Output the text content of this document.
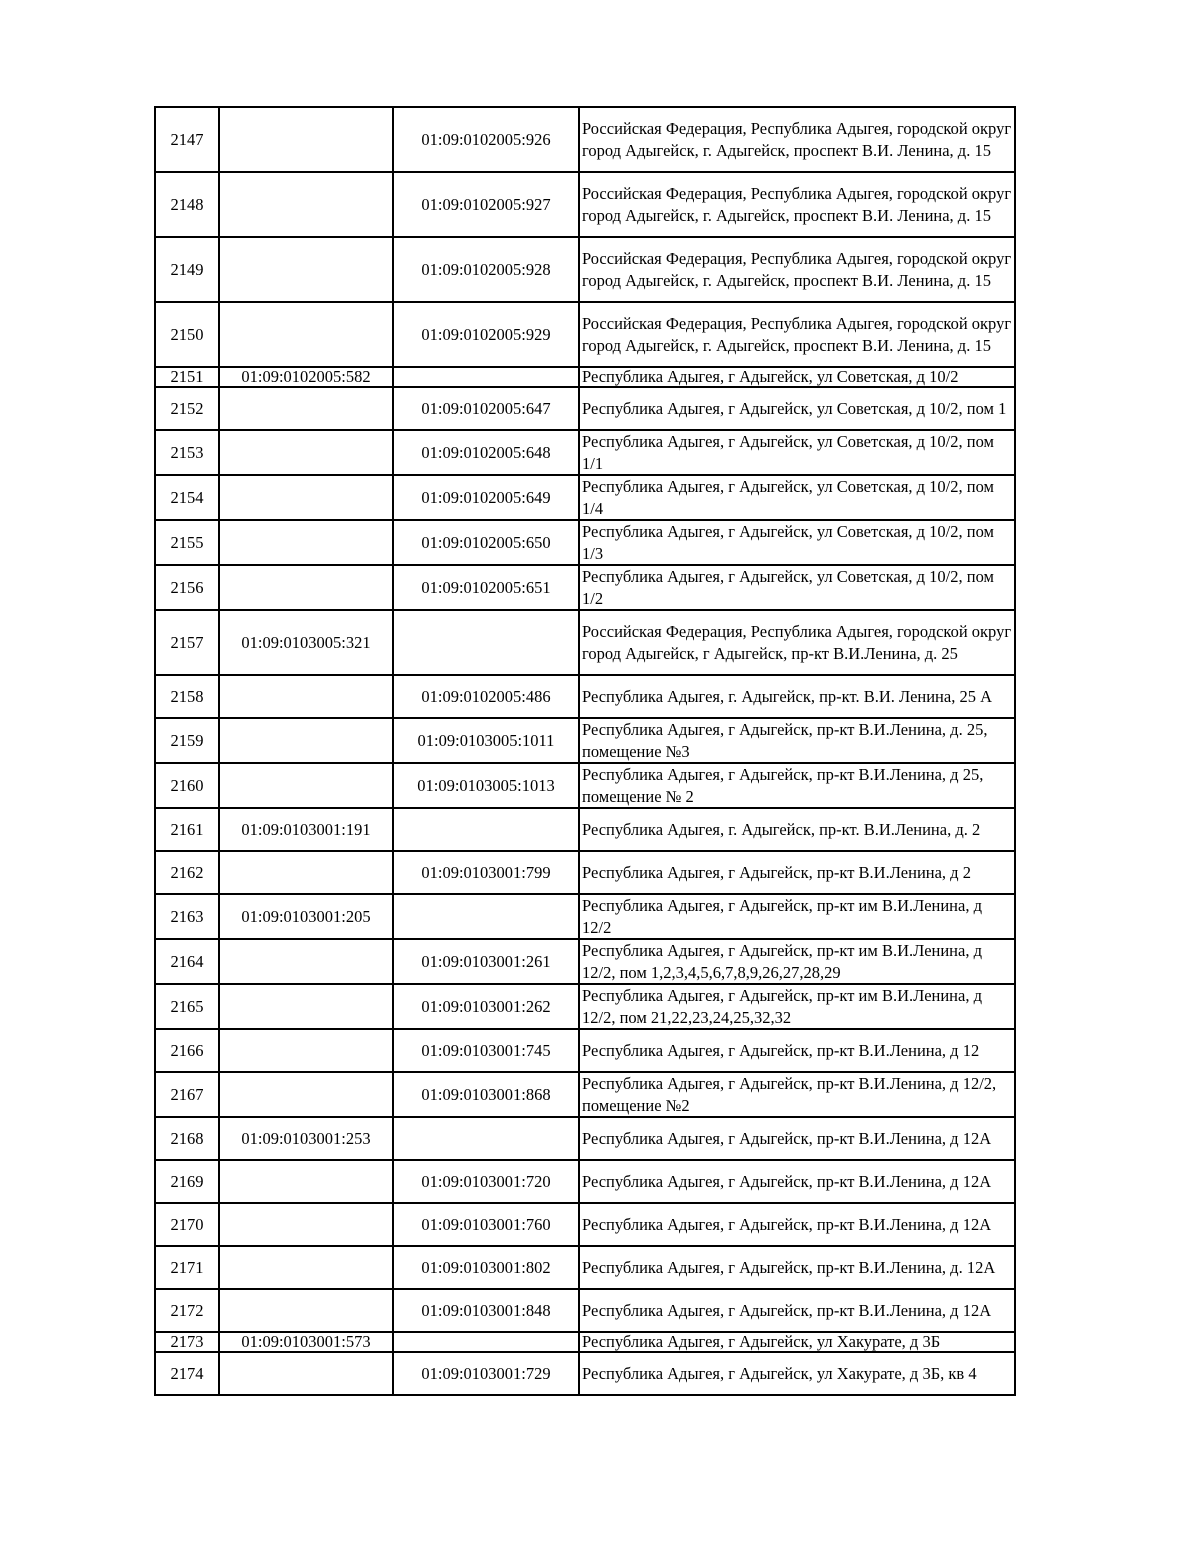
2147		01:09:0102005:926	Российская Федерация, Республика Адыгея, городской округ город Адыгейск, г. Адыгейск, проспект В.И. Ленина, д. 15
2148		01:09:0102005:927	Российская Федерация, Республика Адыгея, городской округ город Адыгейск, г. Адыгейск, проспект В.И. Ленина, д. 15
2149		01:09:0102005:928	Российская Федерация, Республика Адыгея, городской округ город Адыгейск, г. Адыгейск, проспект В.И. Ленина, д. 15
2150		01:09:0102005:929	Российская Федерация, Республика Адыгея, городской округ город Адыгейск, г. Адыгейск, проспект В.И. Ленина, д. 15
2151	01:09:0102005:582		Республика Адыгея, г Адыгейск, ул Советская, д 10/2
2152		01:09:0102005:647	Республика Адыгея, г Адыгейск, ул Советская, д 10/2, пом 1
2153		01:09:0102005:648	Республика Адыгея, г Адыгейск, ул Советская, д 10/2, пом 1/1
2154		01:09:0102005:649	Республика Адыгея, г Адыгейск, ул Советская, д 10/2, пом 1/4
2155		01:09:0102005:650	Республика Адыгея, г Адыгейск, ул Советская, д 10/2, пом 1/3
2156		01:09:0102005:651	Республика Адыгея, г Адыгейск, ул Советская, д 10/2, пом 1/2
2157	01:09:0103005:321		Российская Федерация, Республика Адыгея, городской округ город Адыгейск, г Адыгейск, пр-кт В.И.Ленина, д. 25
2158		01:09:0102005:486	Республика Адыгея, г. Адыгейск, пр-кт. В.И. Ленина, 25 А
2159		01:09:0103005:1011	Республика Адыгея, г Адыгейск, пр-кт В.И.Ленина, д. 25, помещение №3
2160		01:09:0103005:1013	Республика Адыгея, г Адыгейск, пр-кт В.И.Ленина, д 25, помещение № 2
2161	01:09:0103001:191		Республика Адыгея, г. Адыгейск, пр-кт. В.И.Ленина, д. 2
2162		01:09:0103001:799	Республика Адыгея, г Адыгейск, пр-кт В.И.Ленина, д 2
2163	01:09:0103001:205		Республика Адыгея, г Адыгейск, пр-кт им В.И.Ленина, д 12/2
2164		01:09:0103001:261	Республика Адыгея, г Адыгейск, пр-кт им В.И.Ленина, д 12/2, пом 1,2,3,4,5,6,7,8,9,26,27,28,29
2165		01:09:0103001:262	Республика Адыгея, г Адыгейск, пр-кт им В.И.Ленина, д 12/2, пом 21,22,23,24,25,32,32
2166		01:09:0103001:745	Республика Адыгея, г Адыгейск, пр-кт В.И.Ленина, д 12
2167		01:09:0103001:868	Республика Адыгея, г Адыгейск, пр-кт В.И.Ленина, д 12/2, помещение №2
2168	01:09:0103001:253		Республика Адыгея, г Адыгейск, пр-кт В.И.Ленина, д 12А
2169		01:09:0103001:720	Республика Адыгея, г Адыгейск, пр-кт В.И.Ленина, д 12А
2170		01:09:0103001:760	Республика Адыгея, г Адыгейск, пр-кт В.И.Ленина, д 12А
2171		01:09:0103001:802	Республика Адыгея, г Адыгейск, пр-кт В.И.Ленина, д. 12А
2172		01:09:0103001:848	Республика Адыгея, г Адыгейск, пр-кт В.И.Ленина, д 12А
2173	01:09:0103001:573		Республика Адыгея, г Адыгейск, ул Хакурате, д 3Б
2174		01:09:0103001:729	Республика Адыгея, г Адыгейск, ул Хакурате, д 3Б, кв 4
